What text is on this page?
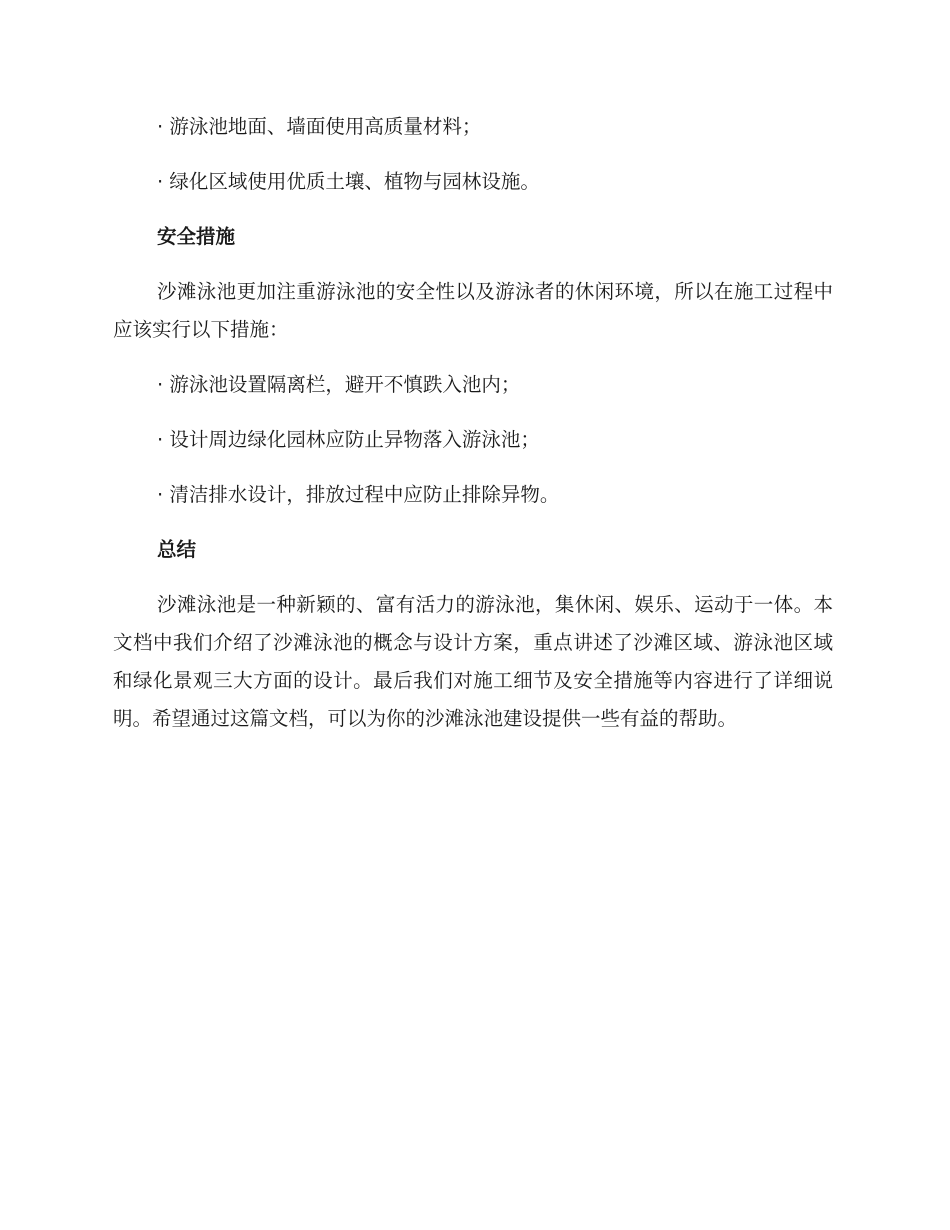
· 游泳池地面、墙面使用高质量材料；

· 绿化区域使用优质土壤、植物与园林设施。

安全措施

沙滩泳池更加注重游泳池的安全性以及游泳者的休闲环境，所以在施工过程中应该实行以下措施：

· 游泳池设置隔离栏，避开不慎跌入池内；

· 设计周边绿化园林应防止异物落入游泳池；

· 清洁排水设计，排放过程中应防止排除异物。

总结

沙滩泳池是一种新颖的、富有活力的游泳池，集休闲、娱乐、运动于一体。本文档中我们介绍了沙滩泳池的概念与设计方案，重点讲述了沙滩区域、游泳池区域和绿化景观三大方面的设计。最后我们对施工细节及安全措施等内容进行了详细说明。希望通过这篇文档，可以为你的沙滩泳池建设提供一些有益的帮助。
